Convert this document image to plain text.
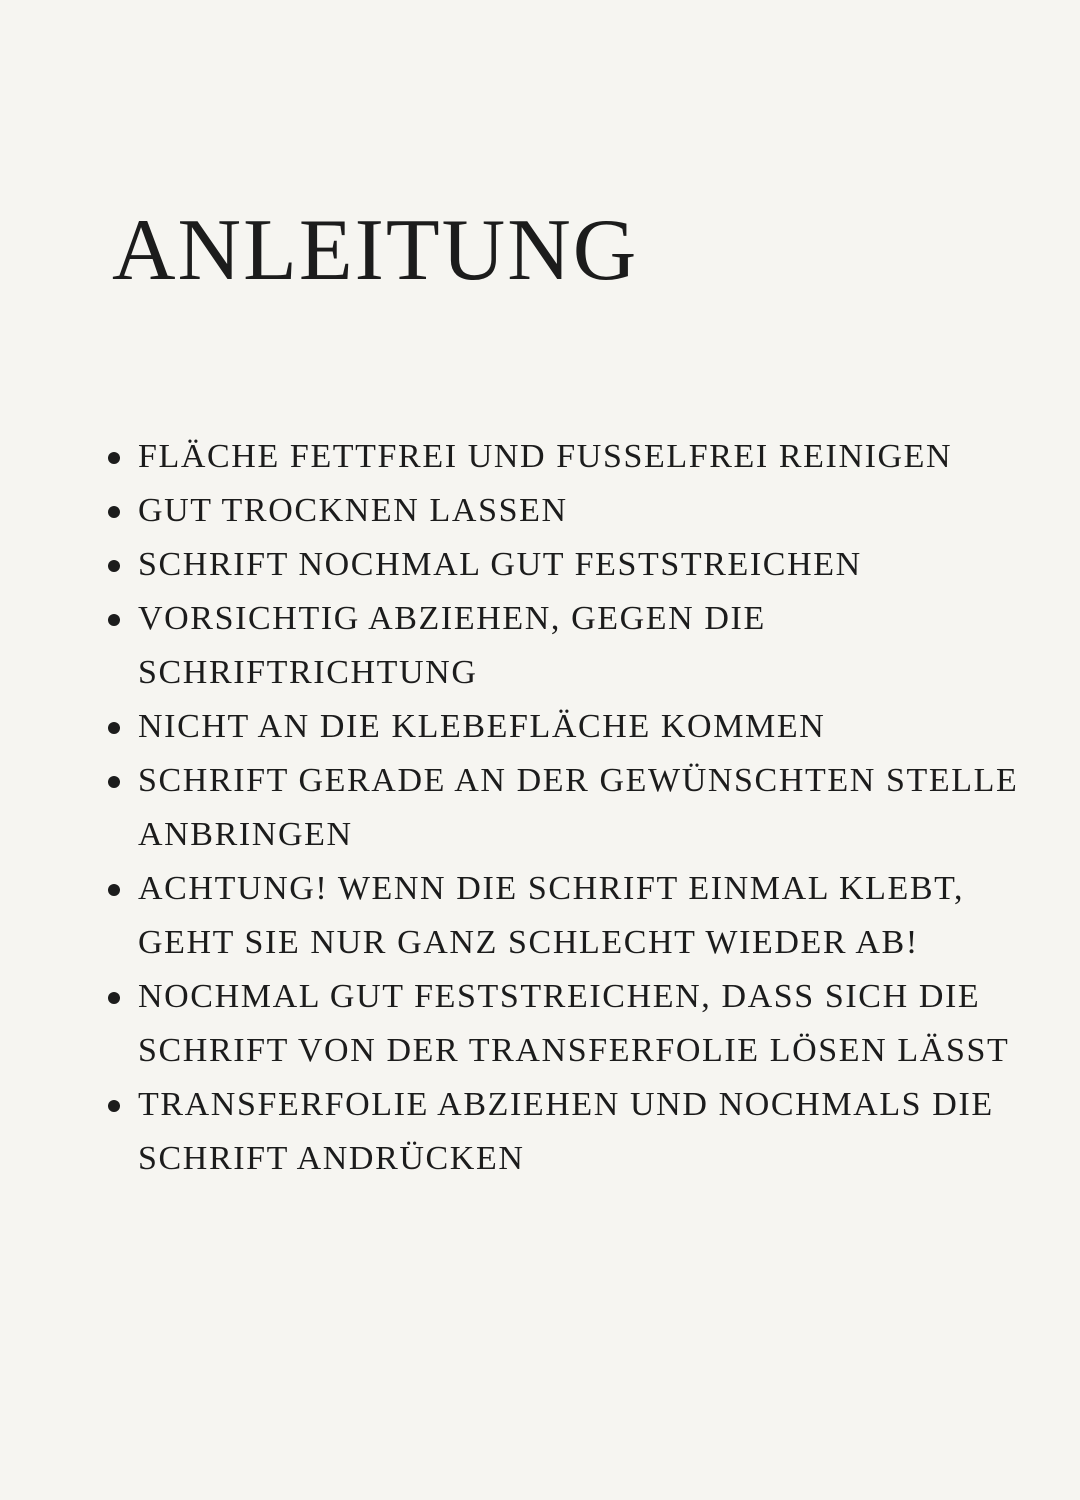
ANLEITUNG
FLÄCHE FETTFREI UND FUSSELFREI REINIGEN
GUT TROCKNEN LASSEN
SCHRIFT NOCHMAL GUT FESTSTREICHEN
VORSICHTIG ABZIEHEN, GEGEN DIE SCHRIFTRICHTUNG
NICHT AN DIE KLEBEFLÄCHE KOMMEN
SCHRIFT GERADE AN DER GEWÜNSCHTEN STELLE ANBRINGEN
ACHTUNG! WENN DIE SCHRIFT EINMAL KLEBT, GEHT SIE NUR GANZ SCHLECHT WIEDER AB!
NOCHMAL GUT FESTSTREICHEN, DASS SICH DIE SCHRIFT VON DER TRANSFERFOLIE LÖSEN LÄSST
TRANSFERFOLIE ABZIEHEN UND NOCHMALS DIE SCHRIFT ANDRÜCKEN
